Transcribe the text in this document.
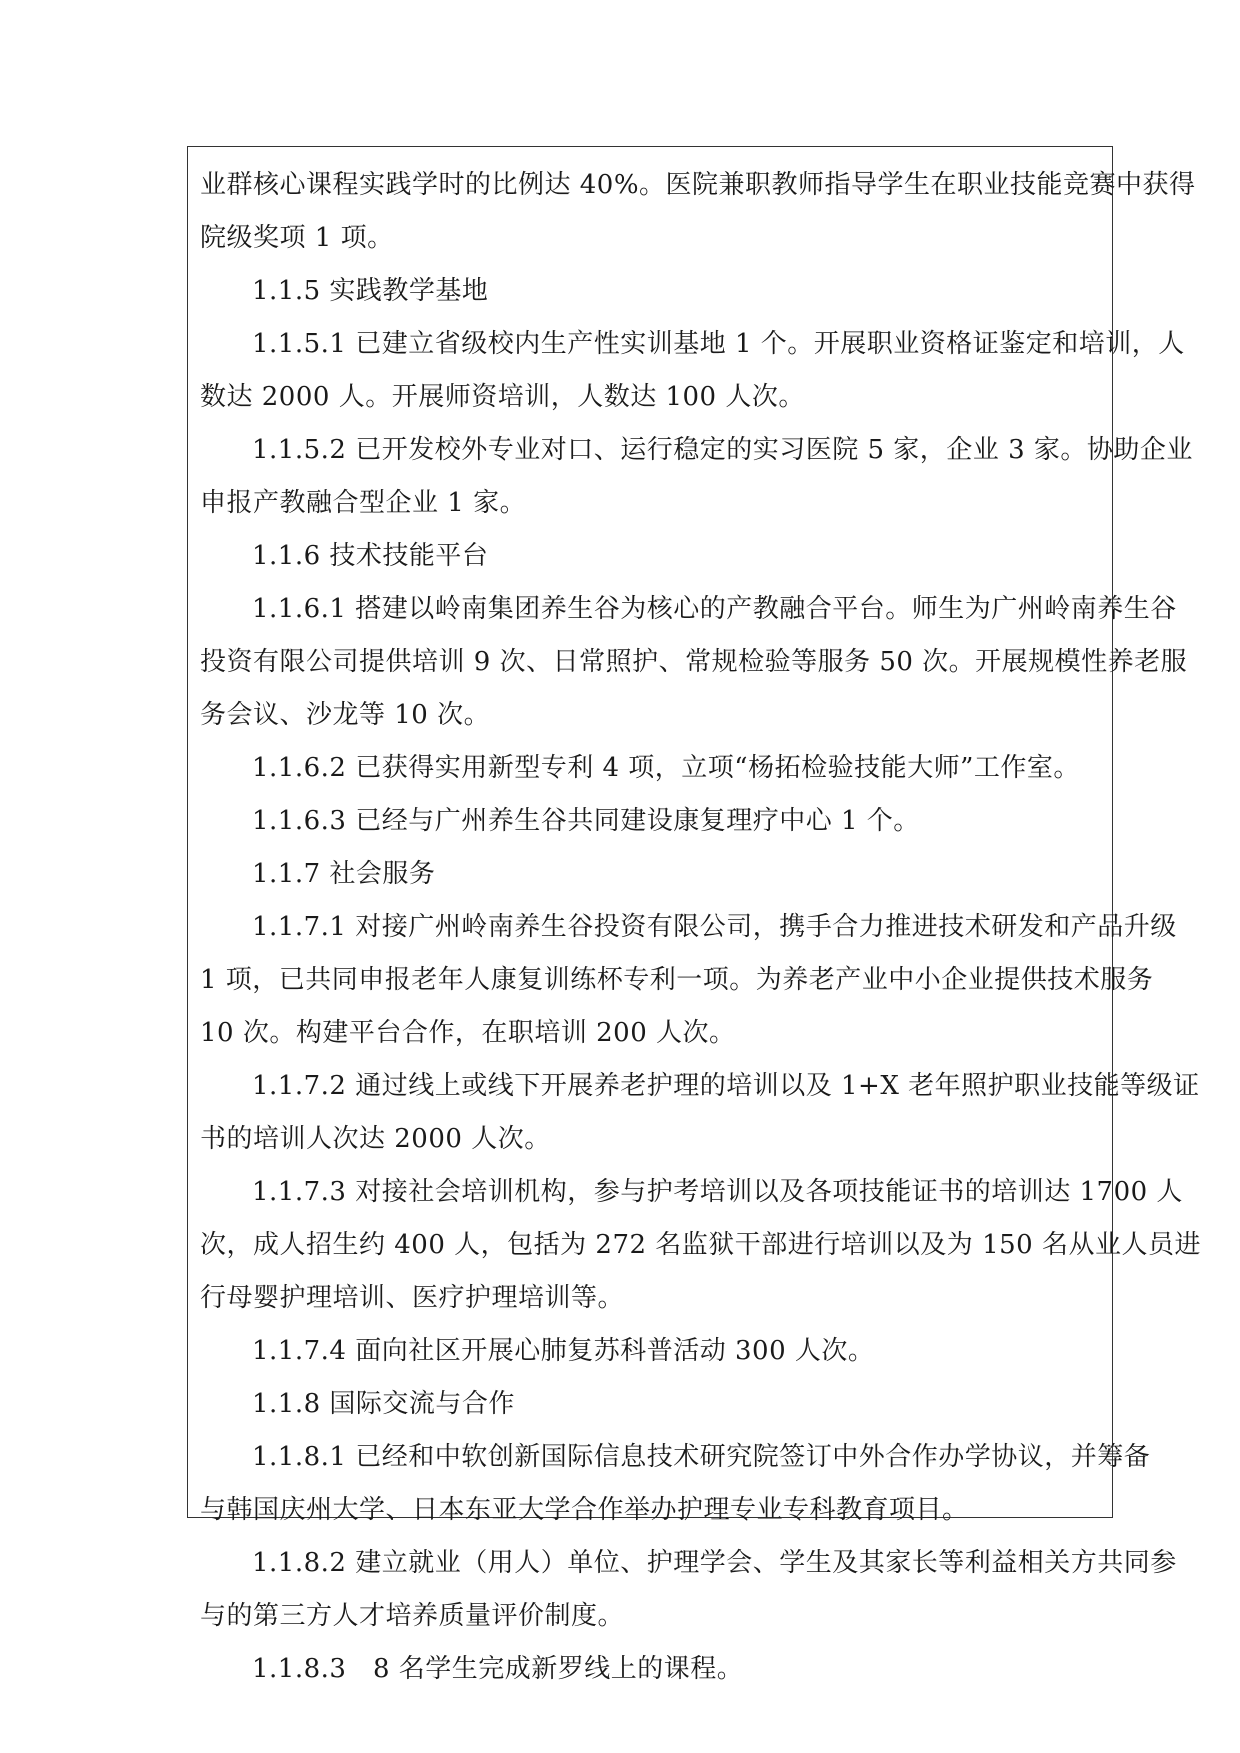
业群核心课程实践学时的比例达 40%。医院兼职教师指导学生在职业技能竞赛中获得
院级奖项 1 项。
1.1.5 实践教学基地
1.1.5.1 已建立省级校内生产性实训基地 1 个。开展职业资格证鉴定和培训，人
数达 2000 人。开展师资培训，人数达 100 人次。
1.1.5.2 已开发校外专业对口、运行稳定的实习医院 5 家，企业 3 家。协助企业
申报产教融合型企业 1 家。
1.1.6 技术技能平台
1.1.6.1 搭建以岭南集团养生谷为核心的产教融合平台。师生为广州岭南养生谷
投资有限公司提供培训 9 次、日常照护、常规检验等服务 50 次。开展规模性养老服
务会议、沙龙等 10 次。
1.1.6.2 已获得实用新型专利 4 项，立项“杨拓检验技能大师”工作室。
1.1.6.3 已经与广州养生谷共同建设康复理疗中心 1 个。
1.1.7 社会服务
1.1.7.1 对接广州岭南养生谷投资有限公司，携手合力推进技术研发和产品升级
1 项，已共同申报老年人康复训练杯专利一项。为养老产业中小企业提供技术服务
10 次。构建平台合作，在职培训 200 人次。
1.1.7.2 通过线上或线下开展养老护理的培训以及 1+X 老年照护职业技能等级证
书的培训人次达 2000 人次。
1.1.7.3 对接社会培训机构，参与护考培训以及各项技能证书的培训达 1700 人
次，成人招生约 400 人，包括为 272 名监狱干部进行培训以及为 150 名从业人员进
行母婴护理培训、医疗护理培训等。
1.1.7.4 面向社区开展心肺复苏科普活动 300 人次。
1.1.8 国际交流与合作
1.1.8.1 已经和中软创新国际信息技术研究院签订中外合作办学协议，并筹备
与韩国庆州大学、日本东亚大学合作举办护理专业专科教育项目。
1.1.8.2 建立就业（用人）单位、护理学会、学生及其家长等利益相关方共同参
与的第三方人才培养质量评价制度。
1.1.8.3　8 名学生完成新罗线上的课程。
